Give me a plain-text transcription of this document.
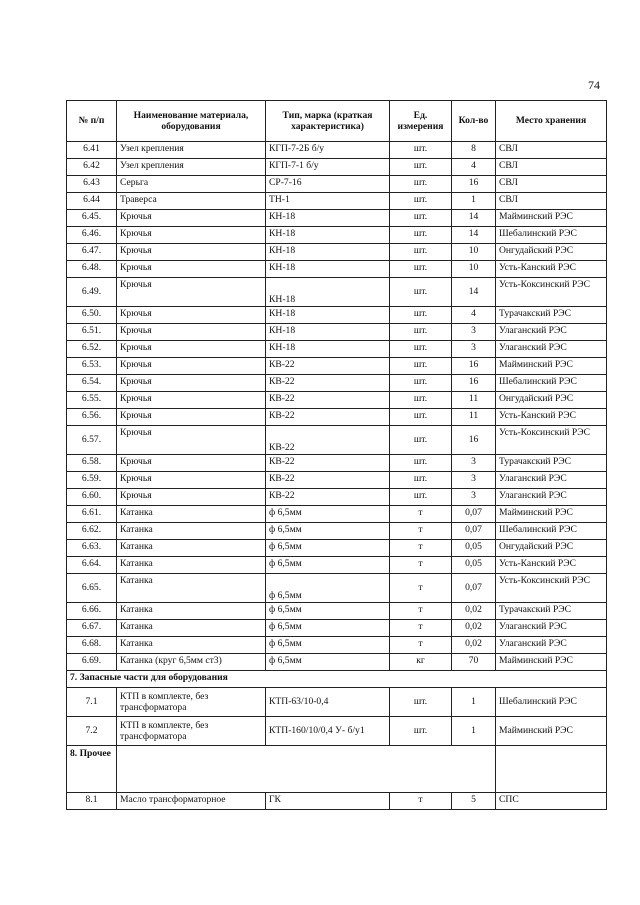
74
№ п/п	Наименование материала, оборудования	Тип, марка (краткая характеристика)	Ед. измерения	Кол-во	Место хранения
6.41	Узел крепления	КГП-7-2Б б/у	шт.	8	СВЛ
6.42	Узел крепления	КГП-7-1 б/у	шт.	4	СВЛ
6.43	Серьга	СР-7-16	шт.	16	СВЛ
6.44	Траверса	ТН-1	шт.	1	СВЛ
6.45.	Крючья	КН-18	шт.	14	Майминский РЭС
6.46.	Крючья	КН-18	шт.	14	Шебалинский РЭС
6.47.	Крючья	КН-18	шт.	10	Онгудайский РЭС
6.48.	Крючья	КН-18	шт.	10	Усть-Канский РЭС
6.49.	Крючья	КН-18	шт.	14	Усть-Коксинский РЭС
6.50.	Крючья	КН-18	шт.	4	Турачакский РЭС
6.51.	Крючья	КН-18	шт.	3	Улаганский РЭС
6.52.	Крючья	КН-18	шт.	3	Улаганский РЭС
6.53.	Крючья	КВ-22	шт.	16	Майминский РЭС
6.54.	Крючья	КВ-22	шт.	16	Шебалинский РЭС
6.55.	Крючья	КВ-22	шт.	11	Онгудайский РЭС
6.56.	Крючья	КВ-22	шт.	11	Усть-Канский РЭС
6.57.	Крючья	КВ-22	шт.	16	Усть-Коксинский РЭС
6.58.	Крючья	КВ-22	шт.	3	Турачакский РЭС
6.59.	Крючья	КВ-22	шт.	3	Улаганский РЭС
6.60.	Крючья	КВ-22	шт.	3	Улаганский РЭС
6.61.	Катанка	ф 6,5мм	т	0,07	Майминский РЭС
6.62.	Катанка	ф 6,5мм	т	0,07	Шебалинский РЭС
6.63.	Катанка	ф 6,5мм	т	0,05	Онгудайский РЭС
6.64.	Катанка	ф 6,5мм	т	0,05	Усть-Канский РЭС
6.65.	Катанка	ф 6,5мм	т	0,07	Усть-Коксинский РЭС
6.66.	Катанка	ф 6,5мм	т	0,02	Турачакский РЭС
6.67.	Катанка	ф 6,5мм	т	0,02	Улаганский РЭС
6.68.	Катанка	ф 6,5мм	т	0,02	Улаганский РЭС
6.69.	Катанка (круг 6,5мм ст3)	ф 6,5мм	кг	70	Майминский РЭС
7. Запасные части для оборудования					
7.1	КТП в комплекте, без трансформатора	КТП-63/10-0,4	шт.	1	Шебалинский РЭС
7.2	КТП в комплекте, без трансформатора	КТП-160/10/0,4 У- б/у1	шт.	1	Майминский РЭС
8. Прочее					
8.1	Масло трансформаторное	ГК	т	5	СПС
